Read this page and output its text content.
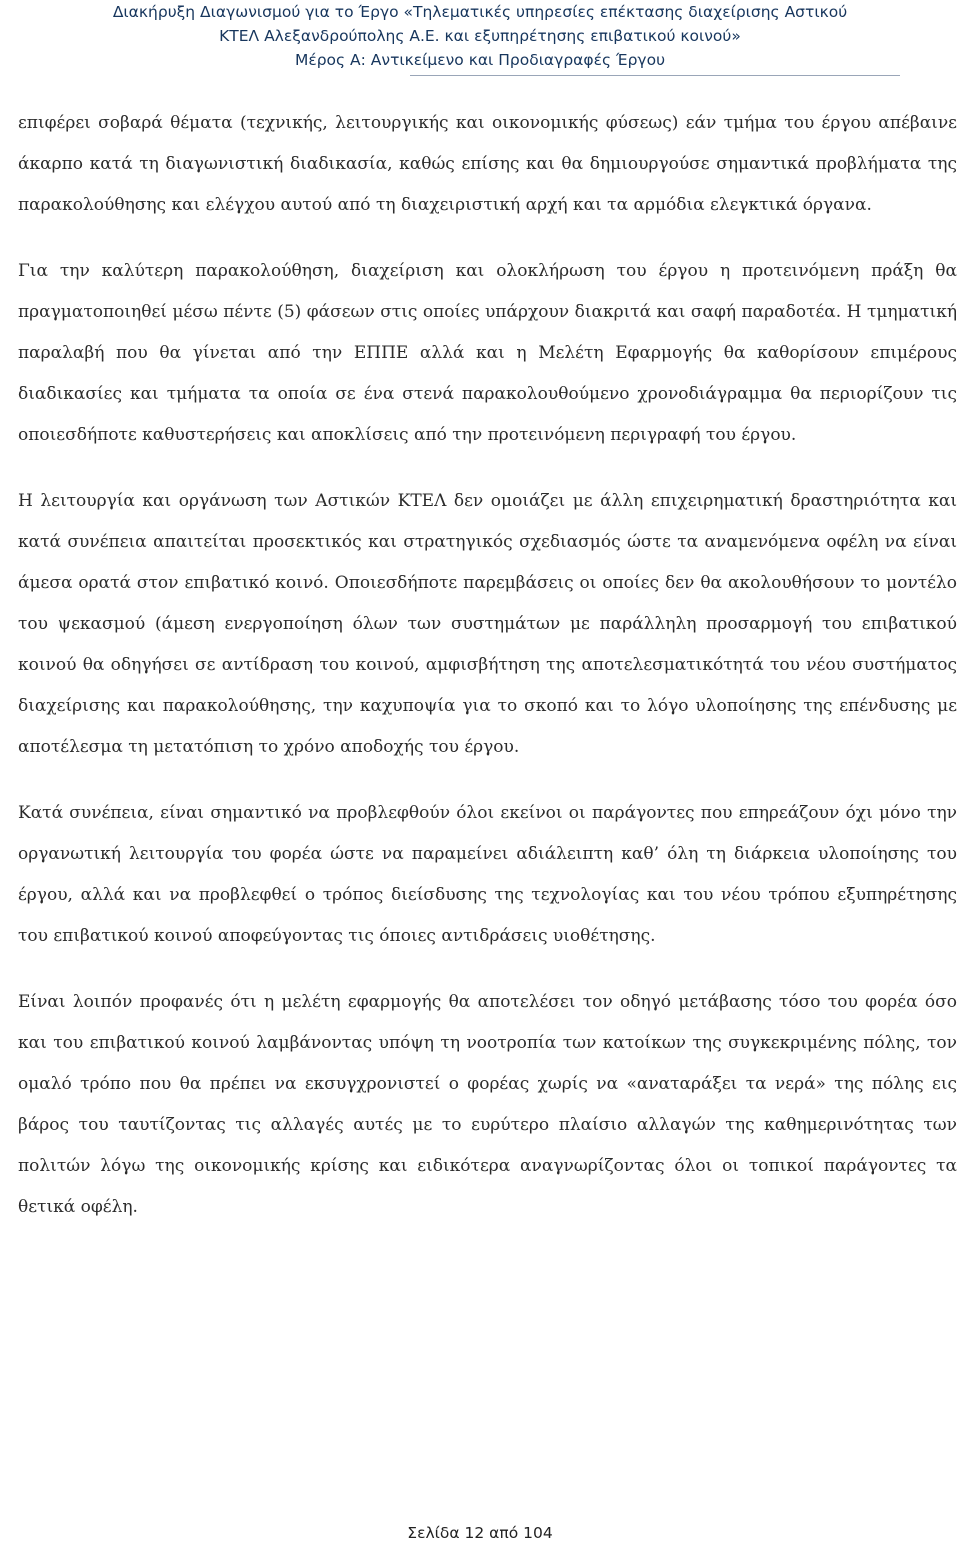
Διακήρυξη Διαγωνισμού για το Έργο «Τηλεματικές υπηρεσίες επέκτασης διαχείρισης Αστικού
ΚΤΕΛ Αλεξανδρούπολης Α.Ε. και εξυπηρέτησης επιβατικού κοινού»
Μέρος Α: Αντικείμενο και Προδιαγραφές Έργου

επιφέρει σοβαρά θέματα (τεχνικής, λειτουργικής και οικονομικής φύσεως) εάν τμήμα του έργου απέβαινε άκαρπο κατά τη διαγωνιστική διαδικασία, καθώς επίσης και θα δημιουργούσε σημαντικά προβλήματα της παρακολούθησης και ελέγχου αυτού από τη διαχειριστική αρχή και τα αρμόδια ελεγκτικά όργανα.

Για την καλύτερη παρακολούθηση, διαχείριση και ολοκλήρωση του έργου η προτεινόμενη πράξη θα πραγματοποιηθεί μέσω πέντε (5) φάσεων στις οποίες υπάρχουν διακριτά και σαφή παραδοτέα. Η τμηματική παραλαβή που θα γίνεται από την ΕΠΠΕ αλλά και η Μελέτη Εφαρμογής θα καθορίσουν επιμέρους διαδικασίες και τμήματα τα οποία σε ένα στενά παρακολουθούμενο χρονοδιάγραμμα θα περιορίζουν τις οποιεσδήποτε καθυστερήσεις και αποκλίσεις από την προτεινόμενη περιγραφή του έργου.

Η λειτουργία και οργάνωση των Αστικών ΚΤΕΛ δεν ομοιάζει με άλλη επιχειρηματική δραστηριότητα και κατά συνέπεια απαιτείται προσεκτικός και στρατηγικός σχεδιασμός ώστε τα αναμενόμενα οφέλη να είναι άμεσα ορατά στον επιβατικό κοινό. Οποιεσδήποτε παρεμβάσεις οι οποίες δεν θα ακολουθήσουν το μοντέλο του ψεκασμού (άμεση ενεργοποίηση όλων των συστημάτων με παράλληλη προσαρμογή του επιβατικού κοινού θα οδηγήσει σε αντίδραση του κοινού, αμφισβήτηση της αποτελεσματικότητά του νέου συστήματος διαχείρισης και παρακολούθησης, την καχυποψία για το σκοπό και το λόγο υλοποίησης της επένδυσης με αποτέλεσμα τη μετατόπιση το χρόνο αποδοχής του έργου.

Κατά συνέπεια, είναι σημαντικό να προβλεφθούν όλοι εκείνοι οι παράγοντες που επηρεάζουν όχι μόνο την οργανωτική λειτουργία του φορέα ώστε να παραμείνει αδιάλειπτη καθ’ όλη τη διάρκεια υλοποίησης του έργου, αλλά και να προβλεφθεί ο τρόπος διείσδυσης της τεχνολογίας και του νέου τρόπου εξυπηρέτησης του επιβατικού κοινού αποφεύγοντας τις όποιες αντιδράσεις υιοθέτησης.

Είναι λοιπόν προφανές ότι η μελέτη εφαρμογής θα αποτελέσει τον οδηγό μετάβασης τόσο του φορέα όσο και του επιβατικού κοινού λαμβάνοντας υπόψη τη νοοτροπία των κατοίκων της συγκεκριμένης πόλης, τον ομαλό τρόπο που θα πρέπει να εκσυγχρονιστεί ο φορέας χωρίς να «αναταράξει τα νερά» της πόλης εις βάρος του ταυτίζοντας τις αλλαγές αυτές με το ευρύτερο πλαίσιο αλλαγών της καθημερινότητας των πολιτών λόγω της οικονομικής κρίσης και ειδικότερα αναγνωρίζοντας όλοι οι τοπικοί παράγοντες τα θετικά οφέλη.

Σελίδα 12 από 104
